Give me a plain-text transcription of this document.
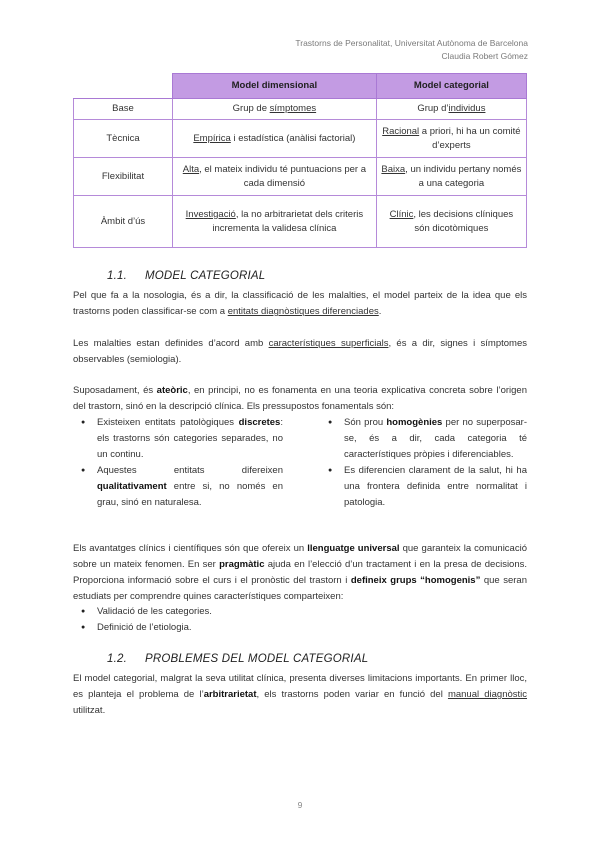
Trastorns de Personalitat, Universitat Autònoma de Barcelona
Claudia Robert Gómez
	Model dimensional	Model categorial
Base	Grup de símptomes	Grup d’individus
Tècnica	Empírica i estadística (anàlisi factorial)	Racional a priori, hi ha un comité d’experts
Flexibilitat	Alta, el mateix individu té puntuacions per a cada dimensió	Baixa, un individu pertany només a una categoria
Àmbit d’ús	Investigació, la no arbitrarietat dels criteris incrementa la validesa clínica	Clínic, les decisions clíniques són dicotòmiques
1.1. MODEL CATEGORIAL
Pel que fa a la nosologia, és a dir, la classificació de les malalties, el model parteix de la idea que els trastorns poden classificar-se com a entitats diagnòstiques diferenciades.
Les malalties estan definides d’acord amb característiques superficials, és a dir, signes i símptomes observables (semiologia).
Suposadament, és ateòric, en principi, no es fonamenta en una teoria explicativa concreta sobre l’origen del trastorn, sinó en la descripció clínica. Els pressupostos fonamentals són:
● Existeixen entitats patològiques discretes: els trastorns són categories separades, no un continu.
● Aquestes entitats difereixen qualitativament entre si, no només en grau, sinó en naturalesa.
● Són prou homogènies per no superposar-se, és a dir, cada categoria té característiques pròpies i diferenciables.
● Es diferencien clarament de la salut, hi ha una frontera definida entre normalitat i patologia.
Els avantatges clínics i científiques són que ofereix un llenguatge universal que garanteix la comunicació sobre un mateix fenomen. En ser pragmàtic ajuda en l’elecció d’un tractament i en la presa de decisions. Proporciona informació sobre el curs i el pronòstic del trastorn i defineix grups “homogenis” que seran estudiats per comprendre quines característiques comparteixen:
● Validació de les categories.
● Definició de l’etiologia.
1.2. PROBLEMES DEL MODEL CATEGORIAL
El model categorial, malgrat la seva utilitat clínica, presenta diverses limitacions importants. En primer lloc, es planteja el problema de l’arbitrarietat, els trastorns poden variar en funció del manual diagnòstic utilitzat.
9
